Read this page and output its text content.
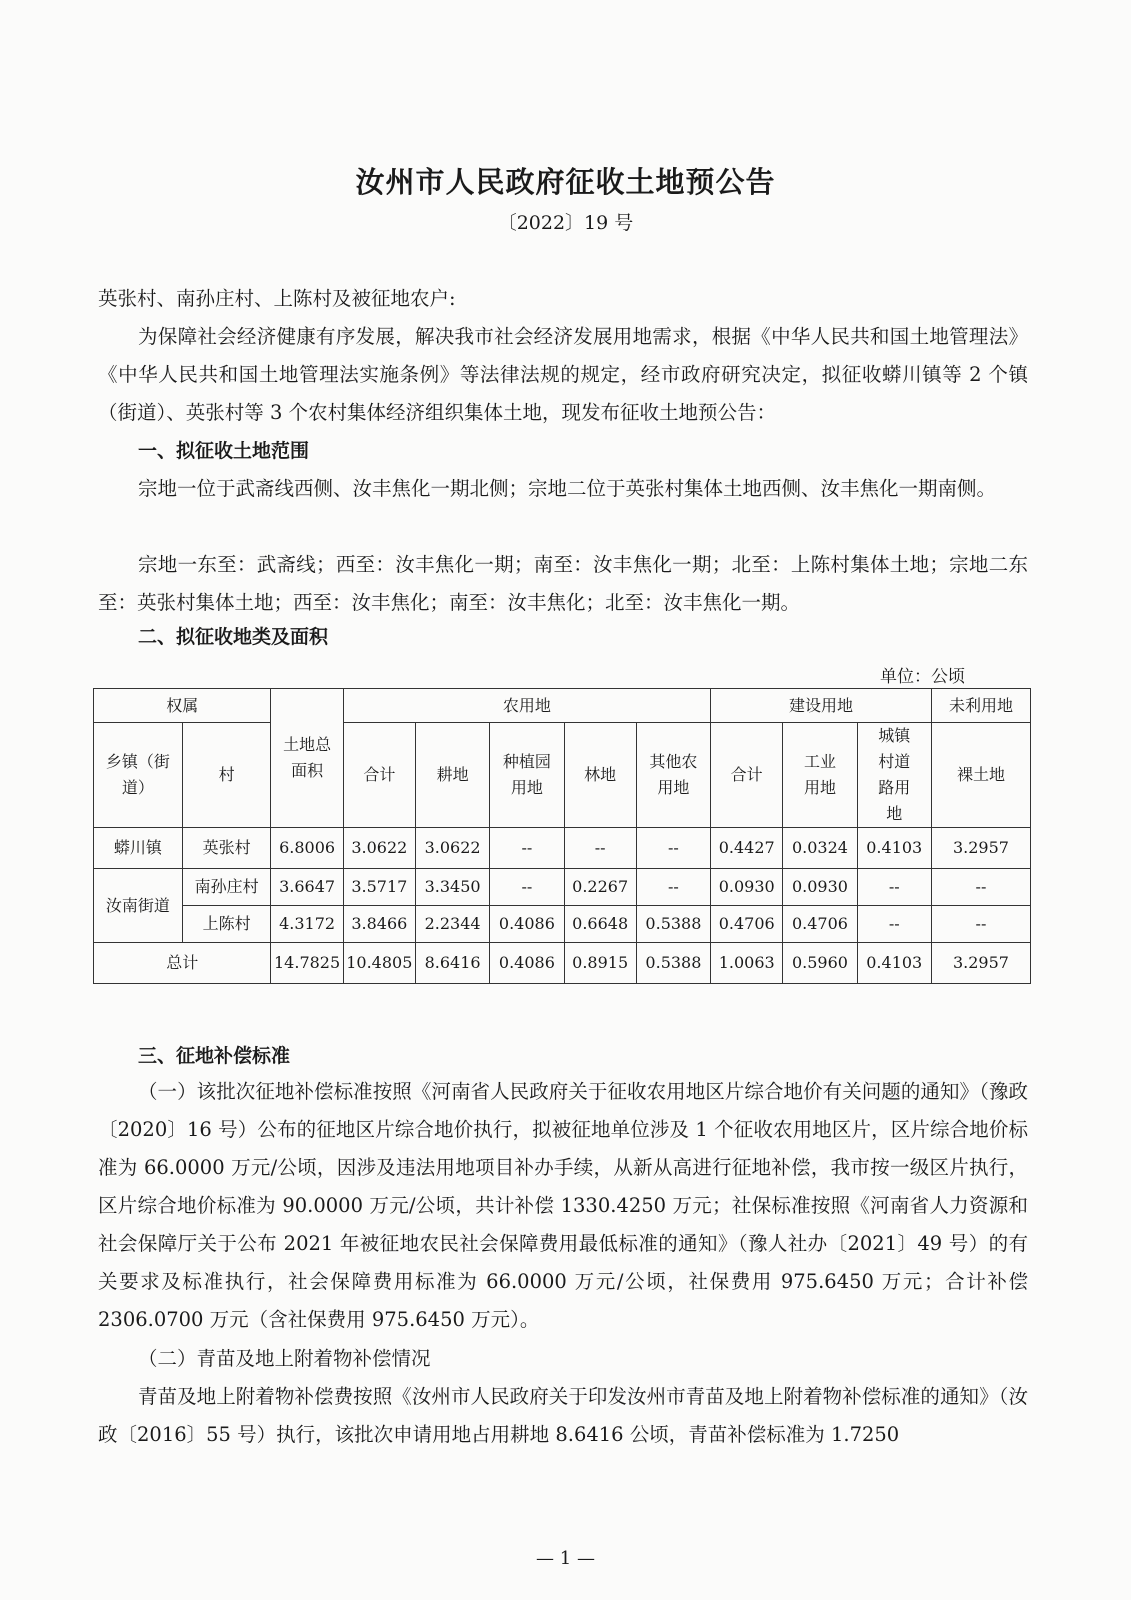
汝州市人民政府征收土地预公告
〔2022〕19 号

英张村、南孙庄村、上陈村及被征地农户:

为保障社会经济健康有序发展，解决我市社会经济发展用地需求，根据《中华人民共和国土地管理法》《中华人民共和国土地管理法实施条例》等法律法规的规定，经市政府研究决定，拟征收蟒川镇等 2 个镇（街道）、英张村等 3 个农村集体经济组织集体土地，现发布征收土地预公告：

一、拟征收土地范围

宗地一位于武斋线西侧、汝丰焦化一期北侧；宗地二位于英张村集体土地西侧、汝丰焦化一期南侧。

宗地一东至：武斋线；西至：汝丰焦化一期；南至：汝丰焦化一期；北至：上陈村集体土地；宗地二东至：英张村集体土地；西至：汝丰焦化；南至：汝丰焦化；北至：汝丰焦化一期。

二、拟征收地类及面积

单位：公顷
权属		土地总面积	农用地					建设用地			未利用地
乡镇（街道）	村		合计	耕地	种植园用地	林地	其他农用地	合计	工业用地	城镇村道路用地	裸土地
蟒川镇	英张村	6.8006	3.0622	3.0622	--	--	--	0.4427	0.0324	0.4103	3.2957
汝南街道	南孙庄村	3.6647	3.5717	3.3450	--	0.2267	--	0.0930	0.0930	--	--
	上陈村	4.3172	3.8466	2.2344	0.4086	0.6648	0.5388	0.4706	0.4706	--	--
总计		14.7825	10.4805	8.6416	0.4086	0.8915	0.5388	1.0063	0.5960	0.4103	3.2957

三、征地补偿标准

（一）该批次征地补偿标准按照《河南省人民政府关于征收农用地区片综合地价有关问题的通知》（豫政〔2020〕16 号）公布的征地区片综合地价执行，拟被征地单位涉及 1 个征收农用地区片，区片综合地价标准为 66.0000 万元/公顷，因涉及违法用地项目补办手续，从新从高进行征地补偿，我市按一级区片执行，区片综合地价标准为 90.0000 万元/公顷，共计补偿 1330.4250 万元；社保标准按照《河南省人力资源和社会保障厅关于公布 2021 年被征地农民社会保障费用最低标准的通知》（豫人社办〔2021〕49 号）的有关要求及标准执行，社会保障费用标准为 66.0000 万元/公顷，社保费用 975.6450 万元；合计补偿 2306.0700 万元（含社保费用 975.6450 万元）。

（二）青苗及地上附着物补偿情况

青苗及地上附着物补偿费按照《汝州市人民政府关于印发汝州市青苗及地上附着物补偿标准的通知》（汝政〔2016〕55 号）执行，该批次申请用地占用耕地 8.6416 公顷，青苗补偿标准为 1.7250

— 1 —
